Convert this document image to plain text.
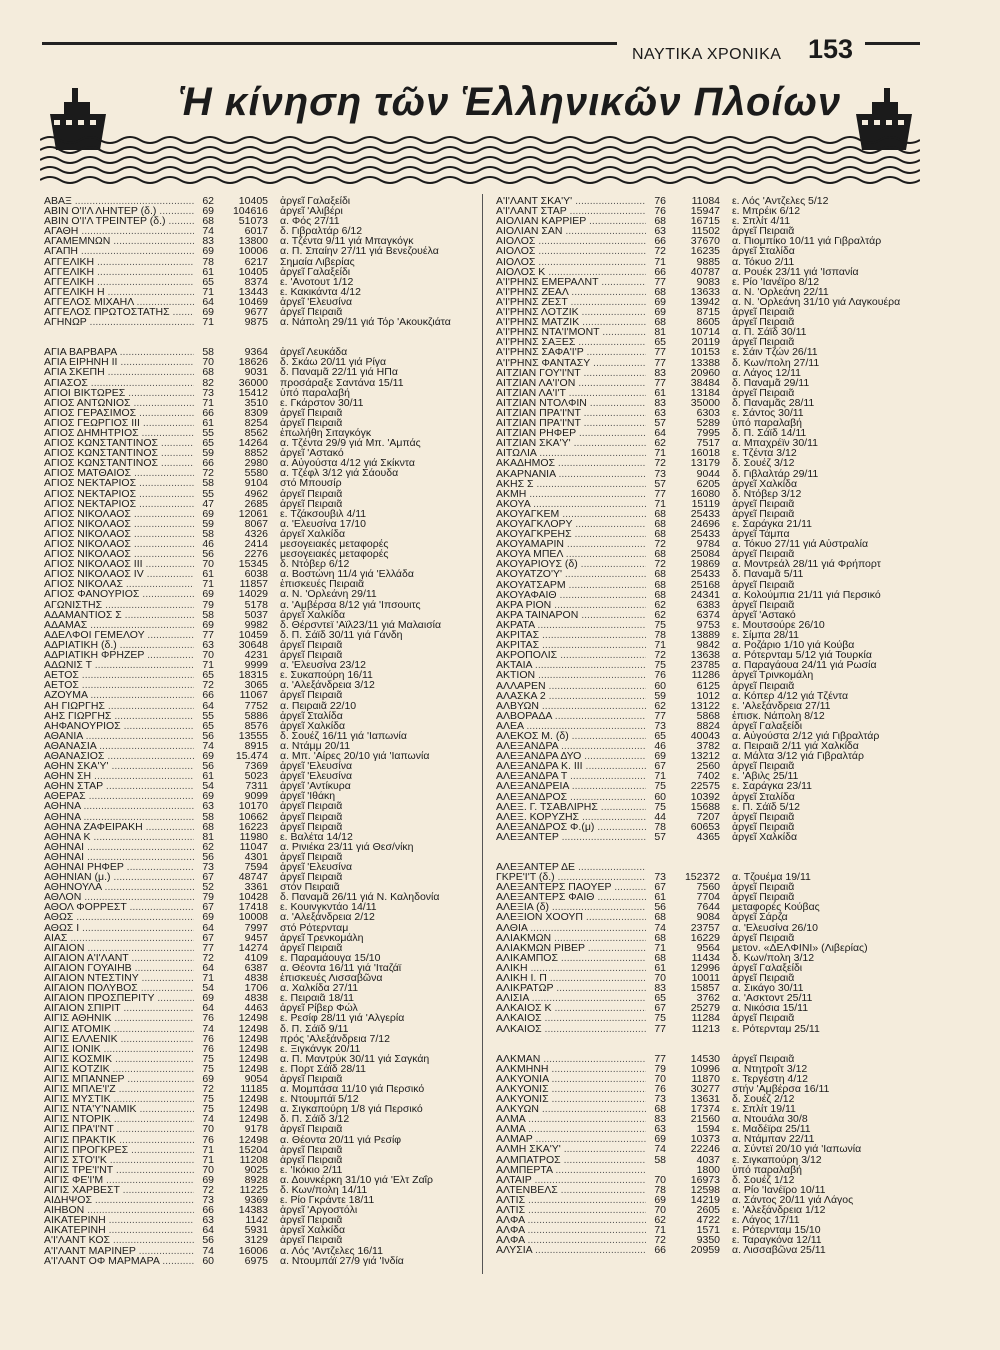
ΝΑΥΤΙΚΑ ΧΡΟΝΙΚΑ 153
Ἡ κίνηση τῶν Ἑλληνικῶν Πλοίων
ΑΒΑΞ .....	62	10405	ἀργεῖ Γαλαξείδι
ΑΒΙΝ Ο'Ι'Λ ΛΗΝΤΕΡ (δ.) .....	69	104616	ἀργεῖ 'Αλιβέρι
ΑΒΙΝ Ο'Ι'Λ ΤΡΕΙΝΤΕΡ (δ.) .....	68	51073	α. Φός 27/11
ΑΓΑΘΗ .....	74	6017	δ. Γιβραλτάρ 6/12
ΑΓΑΜΕΜΝΩΝ .....	83	13800	α. Τζέντα 9/11 γιά Μπαγκόγκ
ΑΓΑΠΗ .....	69	10006	α. Π. Σπαίην 27/11 γιά Βενεζουέλα
ΑΓΓΕΛΙΚΗ .....	78	6217	Σημαία Λιβερίας
ΑΓΓΕΛΙΚΗ .....	61	10405	ἀργεῖ Γαλαξείδι
ΑΓΓΕΛΙΚΗ .....	65	8374	ε. 'Ανοτουτ 1/12
ΑΓΓΕΛΙΚΗ Η .....	71	13443	ε. Κακικάντα 4/12
ΑΓΓΕΛΟΣ ΜΙΧΑΗΛ .....	64	10469	ἀργεῖ 'Ελευσίνα
ΑΓΓΕΛΟΣ ΠΡΩΤΟΣΤΑΤΗΣ .....	69	9677	ἀργεῖ Πειραιᾶ
ΑΓΗΝΩΡ .....	71	9875	α. Νάπολη 29/11 γιά Τόρ 'Ακουκζιάτα
ΑΓΙΑ ΒΑΡΒΑΡΑ .....	58	9364	ἀργεῖ Λευκάδα
ΑΓΙΑ ΕΙΡΗΝΗ II .....	70	18626	δ. Σκάω 20/11 γιά Ρίγα
ΑΓΙΑ ΣΚΕΠΗ .....	68	9031	δ. Παναμᾶ 22/11 γιά ΗΠα
ΑΓΙΑΣΟΣ .....	82	36000	προσάραξε Σαντάνα 15/11
ΑΓΙΟΙ ΒΙΚΤΩΡΕΣ .....	73	15412	ὑπό παραλαβή
ΑΓΙΟΣ ΑΝΤΩΝΙΟΣ .....	71	3510	ε. Γκάρστον 30/11
ΑΓΙΟΣ ΓΕΡΑΣΙΜΟΣ .....	66	8309	ἀργεῖ Πειραιᾶ
ΑΓΙΟΣ ΓΕΩΡΓΙΟΣ III .....	61	8254	ἀργεῖ Πειραιᾶ
ΑΓΙΟΣ ΔΗΜΗΤΡΙΟΣ .....	55	8562	ἐπωλήθη Σιταγκόγκ
ΑΓΙΟΣ ΚΩΝΣΤΑΝΤΙΝΟΣ .....	65	14264	α. Τζέντα 29/9 γιά Μπ. 'Αμπάς
ΑΓΙΟΣ ΚΩΝΣΤΑΝΤΙΝΟΣ .....	59	8852	ἀργεῖ 'Αστακό
ΑΓΙΟΣ ΚΩΝΣΤΑΝΤΙΝΟΣ .....	66	2980	α. Αὐγούστα 4/12 γιά Σκίκντα
ΑΓΙΟΣ ΜΑΤΘΑΙΟΣ .....	72	5580	α. Τζέφλ 3/12 γιά Σάουδα
ΑΓΙΟΣ ΝΕΚΤΑΡΙΟΣ .....	58	9104	στό Μπουσίρ
ΑΓΙΟΣ ΝΕΚΤΑΡΙΟΣ .....	55	4962	ἀργεῖ Πειραιᾶ
ΑΓΙΟΣ ΝΕΚΤΑΡΙΟΣ .....	47	2685	ἀργεῖ Πειραιᾶ
ΑΓΙΟΣ ΝΙΚΟΛΑΟΣ .....	69	12061	ε. Τζάκσουβιλ 4/11
ΑΓΙΟΣ ΝΙΚΟΛΑΟΣ .....	59	8067	α. 'Ελευσίνα 17/10
ΑΓΙΟΣ ΝΙΚΟΛΑΟΣ .....	58	4326	ἀργεῖ Χαλκίδα
ΑΓΙΟΣ ΝΙΚΟΛΑΟΣ .....	46	2414	μεσογειακές μεταφορές
ΑΓΙΟΣ ΝΙΚΟΛΑΟΣ .....	56	2276	μεσογειακές μεταφορές
ΑΓΙΟΣ ΝΙΚΟΛΑΟΣ III .....	70	15345	δ. Ντόβερ 6/12
ΑΓΙΟΣ ΝΙΚΟΛΑΟΣ IV .....	61	6038	α. Βοστώνη 11/4 γιά 'Ελλάδα
ΑΓΙΟΣ ΝΙΚΟΛΑΣ .....	71	11857	ἐπισκευές Πειραιᾶ
ΑΓΙΟΣ ΦΑΝΟΥΡΙΟΣ .....	69	14029	α. Ν. 'Ορλεάνη 29/11
ΑΓΩΝΙΣΤΗΣ .....	79	5178	α. 'Αμβέρσα 8/12 γιά 'Ιπσουιτς
ΑΔΑΜΑΝΤΙΟΣ Σ .....	58	5037	ἀργεῖ Χαλκίδα
ΑΔΑΜΑΣ .....	69	9982	δ. Θέρσντεϊ 'Αϊλ23/11 γιά Μαλαισία
ΑΔΕΛΦΟΙ ΓΕΜΕΛΟΥ .....	77	10459	δ. Π. Σάϊδ 30/11 γιά Γάνδη
ΑΔΡΙΑΤΙΚΗ (δ.) .....	63	30648	ἀργεῖ Πειραιᾶ
ΑΔΡΙΑΤΙΚΗ ΦΡΗΖΕΡ .....	70	4231	ἀργεῖ Πειραιᾶ
ΑΔΩΝΙΣ Τ .....	71	9999	α. 'Ελευσίνα 23/12
ΑΕΤΟΣ .....	65	18315	ε. Συκαπούρη 16/11
ΑΕΤΟΣ .....	72	3065	α. 'Αλεξάνδρεια 3/12
ΑΖΟΥΜΑ .....	66	11067	ἀργεῖ Πειραιᾶ
ΑΗ ΓΙΩΡΓΗΣ .....	64	7752	α. Πειραιᾶ 22/10
ΑΗΣ ΓΙΩΡΓΗΣ .....	55	5886	ἀργεῖ Σταλίδα
ΑΗΦΑΝΟΥΡΙΟΣ .....	65	8576	ἀργεῖ Χαλκίδα
ΑΘΑΝΙΑ .....	56	13555	δ. Σουέζ 16/11 γιά 'Ιαπωνία
ΑΘΑΝΑΣΙΑ .....	74	8915	α. Ντάμμ 20/11
ΑΘΑΝΑΣΙΟΣ .....	69	15.474	α. Μπ. 'Αίρες 20/10 γιά 'Ιαπωνία
ΑΘΗΝ ΣΚΑ'Υ' .....	56	7369	ἀργεῖ 'Ελευσίνα
ΑΘΗΝ ΣΗ .....	61	5023	ἀργεῖ 'Ελευσίνα
ΑΘΗΝ ΣΤΑΡ .....	54	7311	ἀργεῖ 'Αντίκυρα
ΑΘΕΡΑΣ .....	69	9099	ἀργεῖ 'Ιθάκη
ΑΘΗΝΑ .....	63	10170	ἀργεῖ Πειραιᾶ
ΑΘΗΝΑ .....	58	10662	ἀργεῖ Πειραιᾶ
ΑΘΗΝΑ ΖΑΦΕΙΡΑΚΗ .....	68	16223	ἀργεῖ Πειραιᾶ
ΑΘΗΝΑ Κ .....	81	11980	ε. Βαλέτα 14/12
ΑΘΗΝΑΙ .....	62	11047	α. Ρινιέκα 23/11 γιά Θεσ/νίκη
ΑΘΗΝΑΙ .....	56	4301	ἀργεῖ Πειραιᾶ
ΑΘΗΝΑΙ ΡΗΦΕΡ .....	73	7594	ἀργεῖ 'Ελευσίνα
ΑΘΗΝΙΑΝ (μ.) .....	67	48747	ἀργεῖ Πειραιᾶ
ΑΘΗΝΟΥΛΑ .....	52	3361	στόν Πειραιᾶ
ΑΘΛΟΝ .....	79	10428	δ. Παναμᾶ 26/11 γιά Ν. Καληδονία
ΑΘΟΛ ΦΟΡΡΕΣΤ .....	67	17418	ε. Κουινγκντάο 14/11
ΑΘΩΣ .....	69	10008	α. 'Αλεξάνδρεια 2/12
ΑΘΩΣ I .....	64	7997	στό Ρότερνταμ
ΑΙΑΣ .....	67	9457	ἀργεῖ Τρενκομάλη
ΑΙΓΑΙΟΝ .....	77	14274	ἀργεῖ Πειραιᾶ
ΑΙΓΑΙΟΝ Α'Ι'ΛΑΝΤ .....	72	4109	ε. Παραμάουγα 15/10
ΑΙΓΑΙΟΝ ΓΟΥΑΙΗΒ .....	64	6387	α. Θέοντα 16/11 γιά 'Ιταζάϊ
ΑΙΓΑΙΟΝ ΝΤΕΣΤΙΝΥ .....	71	4838	ἐπισκευές Λισσαβῶνα
ΑΙΓΑΙΟΝ ΠΟΛΥΒΟΣ .....	54	1706	α. Χαλκίδα 27/11
ΑΙΓΑΙΟΝ ΠΡΟΣΠΕΡΙΤΥ .....	69	4838	ε. Πειραιᾶ 18/11
ΑΙΓΑΙΟΝ ΣΠΙΡΙΤ .....	64	4463	ἀργεῖ Ρίβερ Φώλ
ΑΙΓΙΣ ΑΘΗΝΙΚ .....	76	12498	ε. Ρεσίφ 28/11 γιά 'Αλγερία
ΑΙΓΙΣ ΑΤΟΜΙΚ .....	74	12498	δ. Π. Σάϊδ 9/11
ΑΙΓΙΣ ΕΛΛΕΝΙΚ .....	76	12498	πρός 'Αλεξάνδρεια 7/12
ΑΙΓΙΣ ΙΟΝΙΚ .....	76	12498	ε. Ξιγκάνγκ 20/11
ΑΙΓΙΣ ΚΟΣΜΙΚ .....	75	12498	α. Π. Μαντρύκ 30/11 γιά Σαγκάη
ΑΙΓΙΣ ΚΟΤΖΙΚ .....	75	12498	ε. Πορτ Σάϊδ 28/11
ΑΙΓΙΣ ΜΠΑΝΝΕΡ .....	69	9054	ἀργεῖ Πειραιᾶ
ΑΙΓΙΣ ΜΠΛΕ'Ι'Ζ .....	72	11185	α. Μομπάσα 11/10 γιά Περσικό
ΑΙΓΙΣ ΜΥΣΤΙΚ .....	75	12498	ε. Ντουμπάϊ 5/12
ΑΙΓΙΣ ΝΤΑ'Υ'ΝΑΜΙΚ .....	75	12498	α. Σιγκαπούρη 1/8 γιά Περσικό
ΑΙΓΙΣ ΝΤΟΡΙΚ .....	74	12498	δ. Π. Σάϊδ 3/12
ΑΙΓΙΣ ΠΡΑ'Ι'ΝΤ .....	70	9178	ἀργεῖ Πειραιᾶ
ΑΙΓΙΣ ΠΡΑΚΤΙΚ .....	76	12498	α. Θέοντα 20/11 γιά Ρεσίφ
ΑΙΓΙΣ ΠΡΟΓΚΡΕΣ .....	71	15204	ἀργεῖ Πειραιᾶ
ΑΙΓΙΣ ΣΤΟ'Ι'Κ .....	71	11208	ἀργεῖ Πειραιᾶ
ΑΙΓΙΣ ΤΡΕ'Ι'ΝΤ .....	70	9025	ε. 'Ικόκιο 2/11
ΑΙΓΙΣ ΦΕ'Ι'Μ .....	69	8928	α. Δουνκέρκη 31/10 γιά 'Ελτ Ζαΐρ
ΑΙΓΙΣ ΧΑΡΒΕΣΤ .....	72	11225	δ. Κων/πολη 14/11
ΑΙΔΗΨΟΣ .....	73	9369	ε. Ρίο Γκράντε 18/11
ΑΙΗΒΟΝ .....	66	14383	ἀργεῖ 'Αργοστόλι
ΑΙΚΑΤΕΡΙΝΗ .....	63	1142	ἀργεῖ Πειραιᾶ
ΑΙΚΑΤΕΡΙΝΗ .....	64	5931	ἀργεῖ Χαλκίδα
Α'Ι'ΛΑΝΤ ΚΟΣ .....	56	3129	ἀργεῖ Πειραιᾶ
Α'Ι'ΛΑΝΤ ΜΑΡΙΝΕΡ .....	74	16006	α. Λός 'Αντζελες 16/11
Α'Ι'ΛΑΝΤ ΟΦ ΜΑΡΜΑΡΑ .....	60	6975	α. Ντουμπάϊ 27/9 γιά 'Ινδία
Α'Ι'ΛΑΝΤ ΣΚΑ'Υ' .....	76	11084	ε. Λός 'Αντζελες 5/12
Α'Ι'ΛΑΝΤ ΣΤΑΡ .....	76	15947	ε. Μπρέικ 6/12
ΑΙΟΛΙΑΝ ΚΑΡΡΙΕΡ .....	68	16715	ε. Σπλίτ 4/11
ΑΙΟΛΙΑΝ ΣΑΝ .....	63	11502	ἀργεῖ Πειραιᾶ
ΑΙΟΛΟΣ .....	66	37670	α. Πιομπίκο 10/11 γιά Γιβραλτάρ
ΑΙΟΛΟΣ .....	72	16235	ἀργεῖ Σταλίδα
ΑΙΟΛΟΣ .....	71	9885	α. Τόκυο 2/11
ΑΙΟΛΟΣ Κ .....	66	40787	α. Ρουέκ 23/11 γιά 'Ισπανία
Α'Ι'ΡΗΝΣ ΕΜΕΡΑΛΝΤ .....	77	9083	ε. Ρίο 'Ιανέϊρο 8/12
Α'Ι'ΡΗΝΣ ΖΕΑΛ .....	68	13633	α. Ν. 'Ορλεάνη 22/11
Α'Ι'ΡΗΝΣ ΖΕΣΤ .....	69	13942	α. Ν. 'Ορλεάνη 31/10 γιά Λαγκουέρα
Α'Ι'ΡΗΝΣ ΛΟΤΖΙΚ .....	69	8715	ἀργεῖ Πειραιᾶ
Α'Ι'ΡΗΝΣ ΜΑΤΖΙΚ .....	68	8605	ἀργεῖ Πειραιᾶ
Α'Ι'ΡΗΝΣ ΝΤΑ'Ι'ΜΟΝΤ .....	81	10714	α. Π. Σάϊδ 30/11
Α'Ι'ΡΗΝΣ ΣΑΞΕΣ .....	65	20119	ἀργεῖ Πειραιᾶ
Α'Ι'ΡΗΝΣ ΣΑΦΑ'Ι'Ρ .....	77	10153	ε. Σάιν Τζών 26/11
Α'Ι'ΡΗΝΣ ΦΑΝΤΑΣΥ .....	77	13388	δ. Κων/πολη 27/11
ΑΙΤΖΙΑΝ ΓΟΥ'Ι'ΝΤ .....	83	20960	α. Λάγος 12/11
ΑΙΤΖΙΑΝ ΛΑ'Ι'ΟΝ .....	77	38484	δ. Παναμᾶ 29/11
ΑΙΤΖΙΑΝ ΛΑ'Ι'Τ .....	61	13184	ἀργεῖ Πειραιᾶ
ΑΙΤΖΙΑΝ ΝΤΟΛΦΙΝ .....	83	35000	δ. Παναμᾶς 28/11
ΑΙΤΖΙΑΝ ΠΡΑ'Ι'ΝΤ .....	63	6303	ε. Σάντος 30/11
ΑΙΤΖΙΑΝ ΠΡΑ'Ι'ΝΤ .....	57	5289	ὑπό παραλαβή
ΑΙΤΖΙΑΝ ΡΗΦΕΡ .....	64	7995	δ. Π. Σάϊδ 14/11
ΑΙΤΖΙΑΝ ΣΚΑ'Υ' .....	62	7517	α. Μπαχρέϊν 30/11
ΑΙΤΩΛΙΑ .....	71	16018	ε. Τζέντα 3/12
ΑΚΑΔΗΜΟΣ .....	72	13179	δ. Σουέζ 3/12
ΑΚΑΡΝΑΝΙΑ .....	73	9044	δ. Γιβλαλτάρ 29/11
ΑΚΗΣ Σ .....	57	6205	ἀργεῖ Χαλκίδα
ΑΚΜΗ .....	77	16080	δ. Ντόβερ 3/12
ΑΚΟΥΑ .....	71	15119	ἀργεῖ Πειραιᾶ
ΑΚΟΥΑΓΚΕΜ .....	68	25433	ἀργεῖ Πειραιᾶ
ΑΚΟΥΑΓΚΛΟΡΥ .....	68	24696	ε. Σαράγκα 21/11
ΑΚΟΥΑΓΚΡΕΗΣ .....	68	25433	ἀργεῖ Τάμπα
ΑΚΟΥΑΜΑΡΙΝ .....	72	9784	α. Τόκυο 27/11 γιά Αὐστραλία
ΑΚΟΥΑ ΜΠΕΛ .....	68	25084	ἀργεῖ Πειραιᾶ
ΑΚΟΥΑΡΙΟΥΣ (δ) .....	72	19869	α. Μοντρεάλ 28/11 γιά Φρήπορτ
ΑΚΟΥΑΤΖΟ'Υ' .....	68	25433	δ. Παναμᾶ 5/11
ΑΚΟΥΑΤΣΑΡΜ .....	68	25168	ἀργεῖ Πειραιᾶ
ΑΚΟΥΑΦΑΙΘ .....	68	24341	α. Κολούμπια 21/11 γιά Περσικό
ΑΚΡΑ ΡΙΟΝ .....	62	6383	ἀργεῖ Πειραιᾶ
ΑΚΡΑ ΤΑΙΝΑΡΟΝ .....	62	6374	ἀργεῖ 'Αστακό
ΑΚΡΑΤΑ .....	75	9753	ε. Μουτσούρε 26/10
ΑΚΡΙΤΑΣ .....	78	13889	ε. Σίμπα 28/11
ΑΚΡΙΤΑΣ .....	71	9842	α. Ροζάριο 1/10 γιά Κούβα
ΑΚΡΟΠΟΛΙΣ .....	72	13638	α. Ρότερνταμ 5/12 γιά Τουρκία
ΑΚΤΑΙΑ .....	75	23785	α. Παραγάουα 24/11 γιά Ρωσία
ΑΚΤΙΟΝ .....	76	11286	ἀργεῖ Τρινκομάλη
ΑΛΛΑΡΕΝ .....	60	6125	ἀργεῖ Πειραιᾶ
ΑΛΑΣΚΑ 2 .....	59	1012	α. Κόπερ 4/12 γιά Τζέντα
ΑΛΒΥΩΝ .....	62	13122	ε. 'Αλεξάνδρεια 27/11
ΑΛΒΟΡΑΔΑ .....	77	5868	ἐπισκ. Νάπολη 8/12
ΑΛΕΑ .....	73	8824	ἀργεῖ Γαλαξείδι
ΑΛΕΚΟΣ Μ. (δ) .....	65	40043	α. Αὐγούστα 2/12 γιά Γιβραλτάρ
ΑΛΕΞΑΝΔΡΑ .....	46	3782	α. Πειραιᾶ 2/11 γιά Χαλκίδα
ΑΛΕΞΑΝΔΡΑ ΔΥΟ .....	69	13212	α. Μάλτα 3/12 γιά Γιβραλτάρ
ΑΛΕΞΑΝΔΡΑ Κ. III .....	67	2560	ἀργεῖ Πειραιᾶ
ΑΛΕΞΑΝΔΡΑ Τ .....	71	7402	ε. 'Αβιλς 25/11
ΑΛΕΞΑΝΔΡΕΙΑ .....	75	22575	ε. Σαράγκα 23/11
ΑΛΕΞΑΝΔΡΟΣ .....	60	10392	ἀργεῖ Σταλίδα
ΑΛΕΞ. Γ. ΤΣΑΒΛΙΡΗΣ .....	75	15688	ε. Π. Σάϊδ 5/12
ΑΛΕΞ. ΚΟΡΥΖΗΣ .....	44	7207	ἀργεῖ Πειραιᾶ
ΑΛΕΞΑΝΔΡΟΣ Φ.(μ) .....	78	60653	ἀργεῖ Πειραιᾶ
ΑΛΕΞΑΝΤΕΡ .....	57	4365	ἀργεῖ Χαλκίδα
ΑΛΕΞΑΝΤΕΡ ΔΕ .....
ΓΚΡΕ'Ι'Τ (δ.) .....	73	152372	α. Τζουέμα 19/11
ΑΛΕΞΑΝΤΕΡΣ ΠΑΟΥΕΡ .....	67	7560	ἀργεῖ Πειραιᾶ
ΑΛΕΞΑΝΤΕΡΣ ΦΑΙΘ .....	61	7704	ἀργεῖ Πειραιᾶ
ΑΛΕΞΙΑ (δ) .....	56	7644	μεταφορές Κούβας
ΑΛΕΞΙΟΝ ΧΟΟΥΠ .....	68	9084	ἀργεῖ Σάρζα
ΑΛΘΙΑ .....	74	23757	α. 'Ελευσίνα 26/10
ΑΛΙΑΚΜΩΝ .....	68	16229	ἀργεῖ Πειραιᾶ
ΑΛΙΑΚΜΩΝ ΡΙΒΕΡ .....	71	9564	μετον. «ΔΕΛΦΙΝΙ» (Λιβερίας)
ΑΛΙΚΑΜΠΟΣ .....	68	11434	δ. Κων/πολη 3/12
ΑΛΙΚΗ .....	61	12996	ἀργεῖ Γαλαξείδι
ΑΛΙΚΗ Ι. Π .....	70	10011	ἀργεῖ Πειραιᾶ
ΑΛΙΚΡΑΤΩΡ .....	83	15857	α. Σικάγο 30/11
ΑΛΙΣΙΑ .....	65	3762	α. 'Ασκτοντ 25/11
ΑΛΚΑΙΟΣ Κ .....	67	25279	α. Νικόσια 15/11
ΑΛΚΑΙΟΣ .....	75	11284	ἀργεῖ Πειραιᾶ
ΑΛΚΑΙΟΣ .....	77	11213	ε. Ρότερνταμ 25/11
ΑΛΚΜΑΝ .....	77	14530	ἀργεῖ Πειραιᾶ
ΑΛΚΜΗΝΗ .....	79	10996	α. Ντητροΐτ 3/12
ΑΛΚΥΟΝΙΑ .....	70	11870	ε. Τεργέστη 4/12
ΑΛΚΥΟΝΙΣ .....	76	30277	στήν 'Αμβέρσα 16/11
ΑΛΚΥΟΝΙΣ .....	73	13631	δ. Σουέζ 2/12
ΑΛΚΥΩΝ .....	68	17374	ε. Σπλίτ 19/11
ΑΛΜΑ .....	83	21560	α. Ντουάλα 30/8
ΑΛΜΑ .....	63	1594	ε. Μαδέϊρα 25/11
ΑΛΜΑΡ .....	69	10373	α. Ντάμπαν 22/11
ΑΛΜΗ ΣΚΑ'Υ' .....	74	22246	α. Σύντεϊ 20/10 γιά 'Ιαπωνία
ΑΛΜΠΑΤΡΟΣ .....	58	4037	ε. Σιγκαπούρη 3/12
ΑΛΜΠΕΡΤΑ .....	1800	ὑπό παραλαβή
ΑΛΤΑΙΡ .....	70	16973	δ. Σουέζ 1/12
ΑΛΤΕΝΒΕΛΣ .....	78	12598	α. Ρίο 'Ιανέϊρο 10/11
ΑΛΤΙΣ .....	69	14219	α. Σάντος 20/11 γιά Λάγος
ΑΛΤΙΣ .....	70	2605	ε. 'Αλεξάνδρεια 1/12
ΑΛΦΑ .....	62	4722	ε. Λάγος 17/11
ΑΛΦΑ .....	71	1571	ε. Ρότερνταμ 15/10
ΑΛΦΑ .....	72	9350	ε. Ταραγκόνα 12/11
ΑΛΥΣΙΑ .....	66	20959	α. Λισσαβῶνα 25/11
